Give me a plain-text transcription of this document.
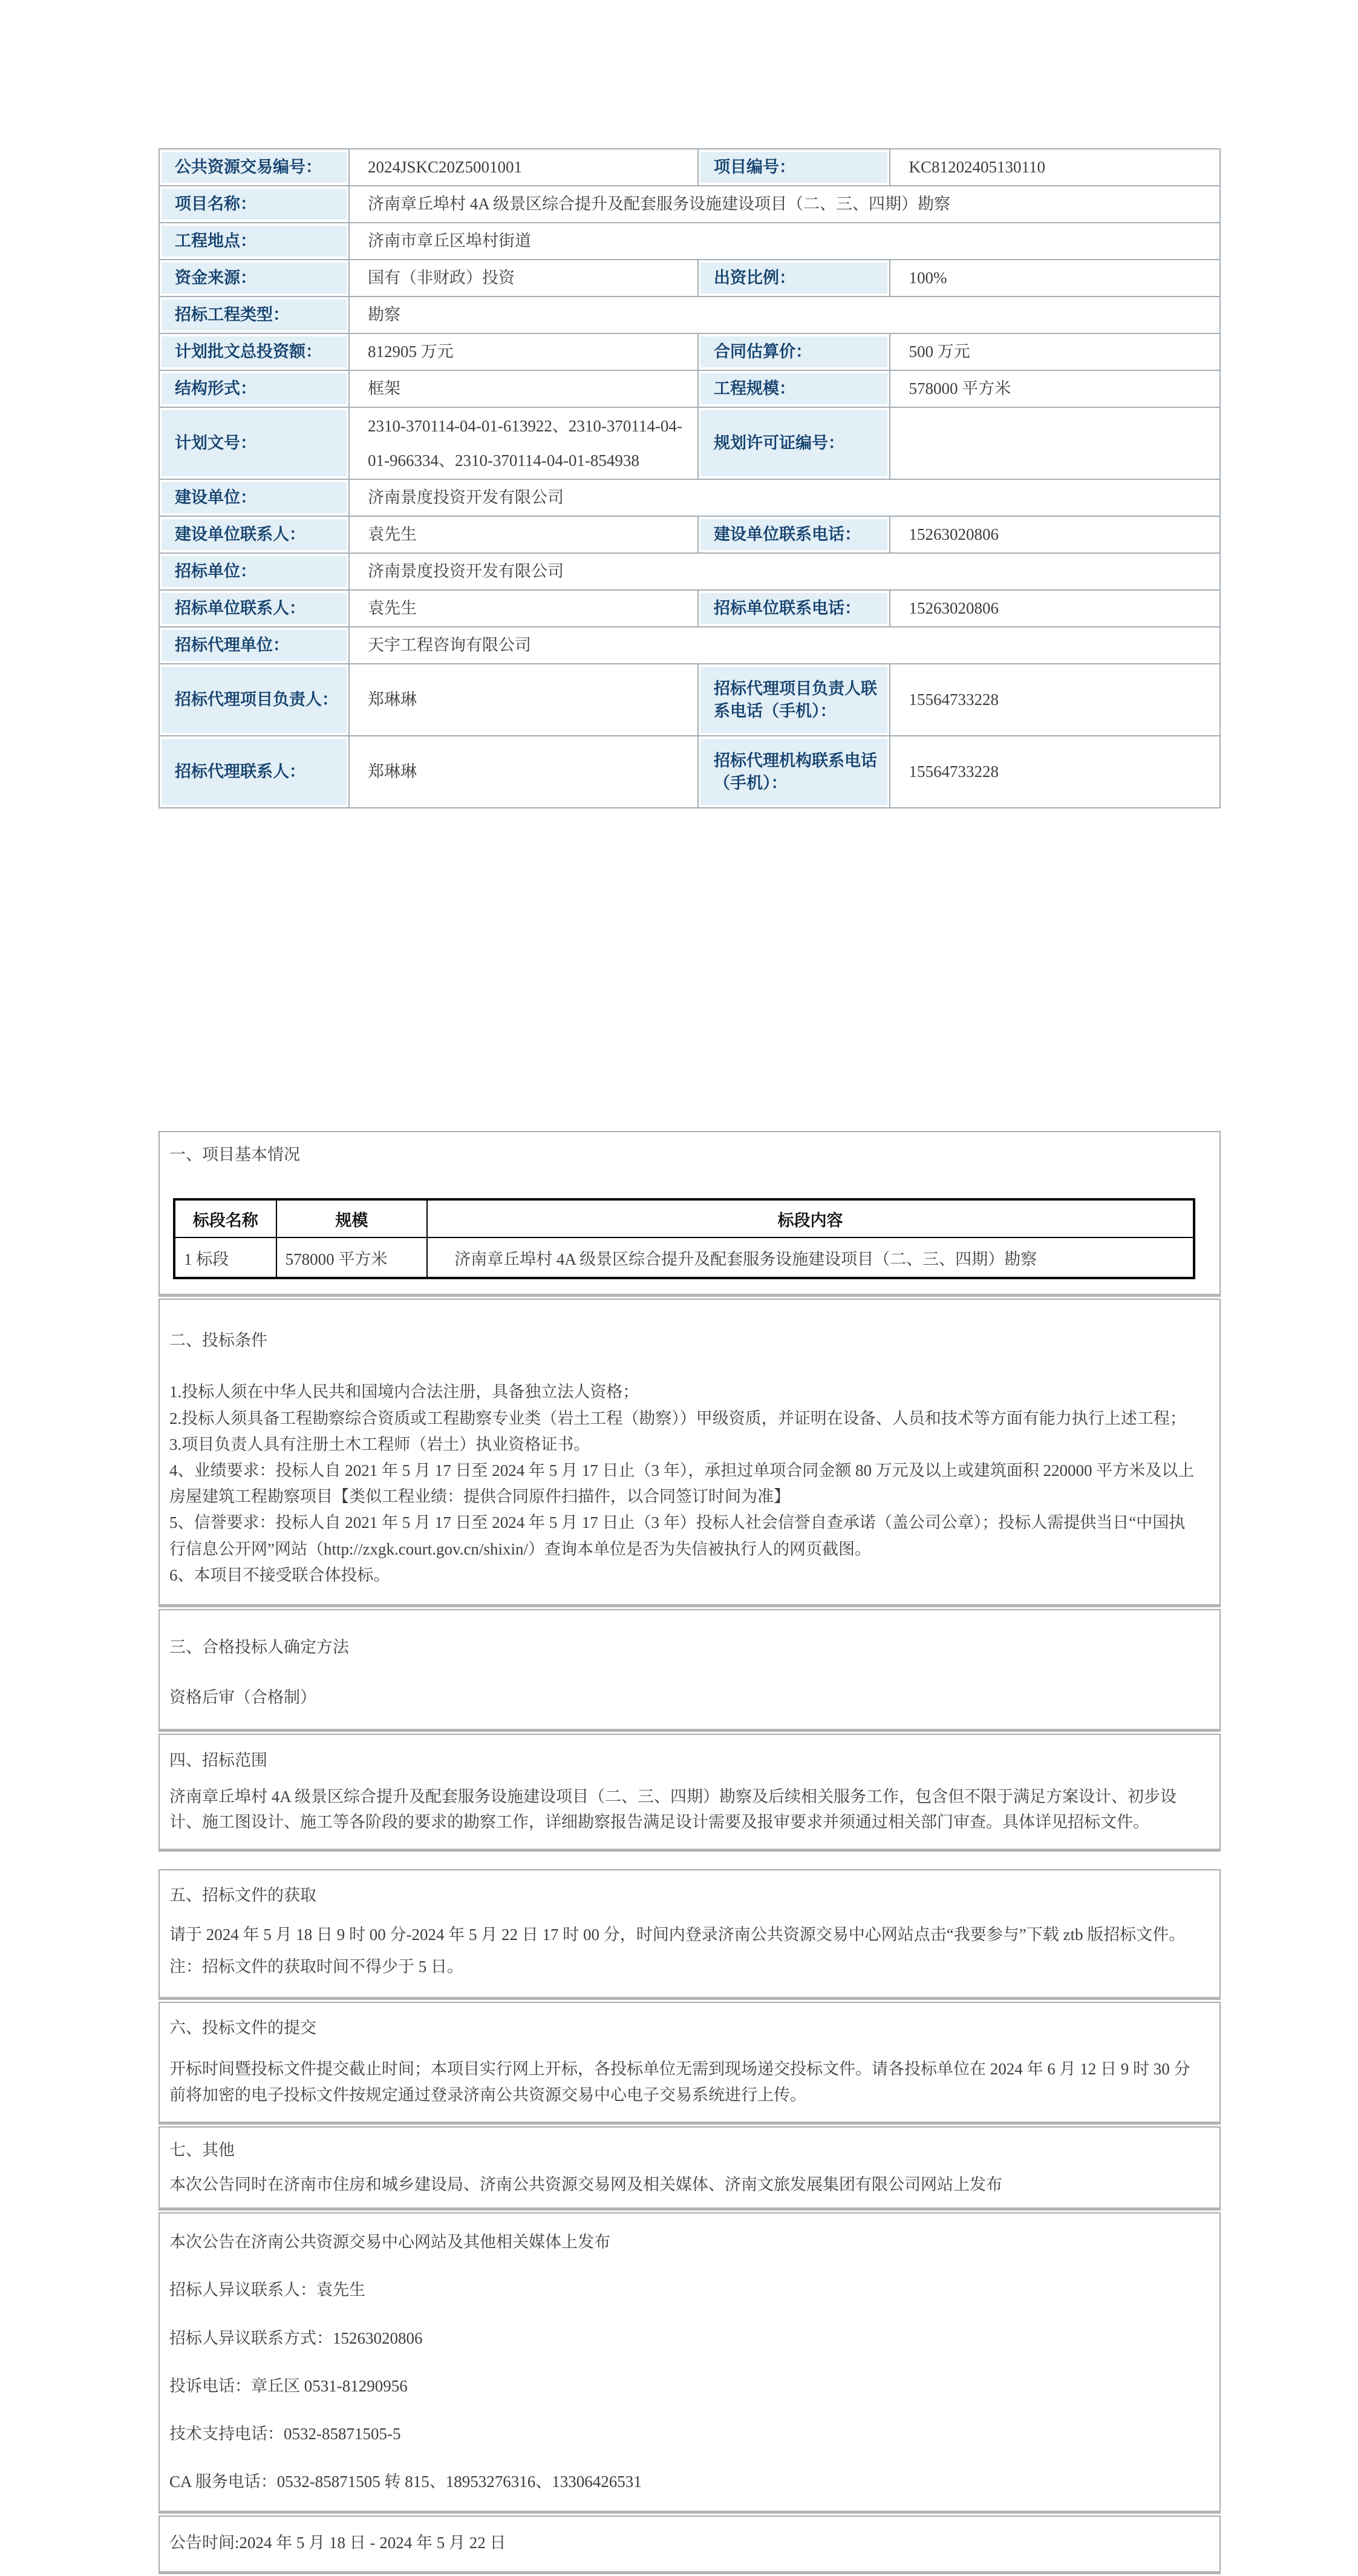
公共资源交易编号：	2024JSKC20Z5001001	项目编号：	KC81202405130110

项目名称：	济南章丘埠村 4A 级景区综合提升及配套服务设施建设项目（二、三、四期）勘察		

工程地点：	济南市章丘区埠村街道		

资金来源：	国有（非财政）投资	出资比例：	100%

招标工程类型：	勘察		

计划批文总投资额：	812905 万元	合同估算价：	500 万元

结构形式：	框架	工程规模：	578000 平方米

计划文号：	2310-370114-04-01-613922、2310-370114-04-01-966334、2310-370114-04-01-854938	规划许可证编号：	

建设单位：	济南景度投资开发有限公司		

建设单位联系人：	袁先生	建设单位联系电话：	15263020806

招标单位：	济南景度投资开发有限公司		

招标单位联系人：	袁先生	招标单位联系电话：	15263020806

招标代理单位：	天宇工程咨询有限公司		

招标代理项目负责人：	郑琳琳	招标代理项目负责人联系电话（手机）：	15564733228

招标代理联系人：	郑琳琳	招标代理机构联系电话（手机）：	15564733228

一、项目基本情况

标段名称	规模	标段内容
1 标段	578000 平方米	济南章丘埠村 4A 级景区综合提升及配套服务设施建设项目（二、三、四期）勘察

二、投标条件

1.投标人须在中华人民共和国境内合法注册，具备独立法人资格；

2.投标人须具备工程勘察综合资质或工程勘察专业类（岩土工程（勘察））甲级资质，并证明在设备、人员和技术等方面有能力执行上述工程；

3.项目负责人具有注册土木工程师（岩土）执业资格证书。

4、业绩要求：投标人自 2021 年 5 月 17 日至 2024 年 5 月 17 日止（3 年），承担过单项合同金额 80 万元及以上或建筑面积 220000 平方米及以上房屋建筑工程勘察项目【类似工程业绩：提供合同原件扫描件，以合同签订时间为准】

5、信誉要求：投标人自 2021 年 5 月 17 日至 2024 年 5 月 17 日止（3 年）投标人社会信誉自查承诺（盖公司公章）；投标人需提供当日“中国执行信息公开网”网站（http://zxgk.court.gov.cn/shixin/）查询本单位是否为失信被执行人的网页截图。

6、本项目不接受联合体投标。

三、合格投标人确定方法

资格后审（合格制）

四、招标范围

济南章丘埠村 4A 级景区综合提升及配套服务设施建设项目（二、三、四期）勘察及后续相关服务工作，包含但不限于满足方案设计、初步设计、施工图设计、施工等各阶段的要求的勘察工作，详细勘察报告满足设计需要及报审要求并须通过相关部门审查。具体详见招标文件。

五、招标文件的获取

请于 2024 年 5 月 18 日 9 时 00 分-2024 年 5 月 22 日 17 时 00 分，时间内登录济南公共资源交易中心网站点击“我要参与”下载 ztb 版招标文件。

注：招标文件的获取时间不得少于 5 日。

六、投标文件的提交

开标时间暨投标文件提交截止时间；本项目实行网上开标，各投标单位无需到现场递交投标文件。请各投标单位在 2024 年 6 月 12 日 9 时 30 分前将加密的电子投标文件按规定通过登录济南公共资源交易中心电子交易系统进行上传。

七、其他

本次公告同时在济南市住房和城乡建设局、济南公共资源交易网及相关媒体、济南文旅发展集团有限公司网站上发布

本次公告在济南公共资源交易中心网站及其他相关媒体上发布

招标人异议联系人：袁先生

招标人异议联系方式：15263020806

投诉电话：章丘区 0531-81290956

技术支持电话：0532-85871505-5

CA 服务电话：0532-85871505 转 815、18953276316、13306426531

公告时间:2024 年 5 月 18 日 - 2024 年 5 月 22 日
